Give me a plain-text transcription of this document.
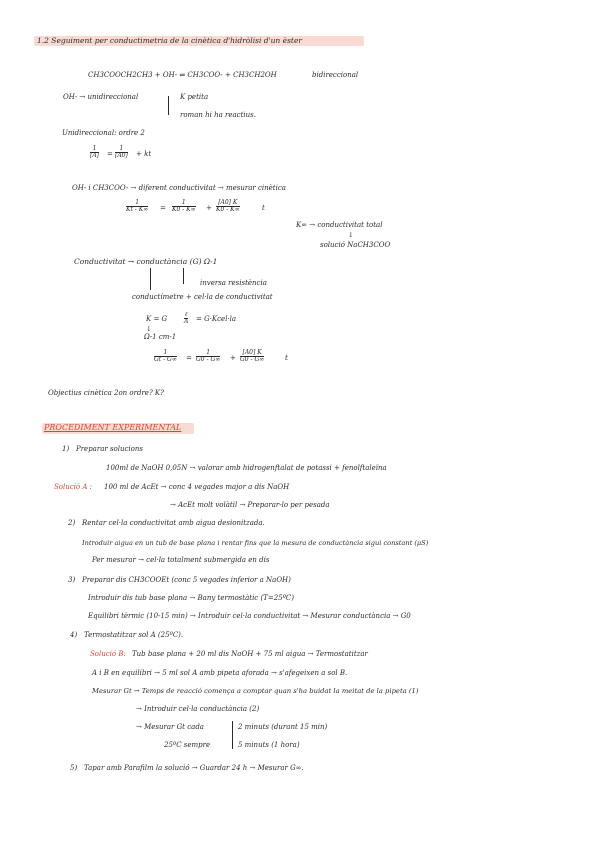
1.2 Seguiment per conductimetria de la cinètica d'hidròlisi d'un èster
CH3COOCH2CH3 + OH- ⇌ CH3COO- + CH3CH2OH	bidireccional
OH- → unidireccional	K petita
roman hi ha reactius.
Unidireccional: ordre 2
1
[A] =
1
[A0] + kt
OH- i CH3COO- → diferent conductivitat → mesurar cinètica
1
Kt - K∞ =
1
K0 - K∞ +
[A0] K
K0 - K∞	t
K∞ → conductivitat total
↓
solució NaCH3COO
Conductivitat → conductància (G) Ω-1
inversa resistència
conductímetre + cel·la de conductivitat
K = G
ℓ
A = G·Kcel·la
↓
Ω-1 cm-1
1
Gt - G∞ =
1
G0 - G∞ +
[A0] K
G0 - G∞	t
Objectius cinètica 2on ordre? K?
PROCEDIMENT EXPERIMENTAL
1) Preparar solucions
100ml de NaOH 0,05N → valorar amb hidrogenftalat de potassi + fenolftaleïna
Solució A : 100 ml de AcEt → conc 4 vegades major a dis NaOH
→ AcEt molt volàtil → Preparar-lo per pesada
2) Rentar cel·la conductivitat amb aigua desionitzada.
Introduir aigua en un tub de base plana i rentar fins que la mesura de conductància sigui constant (μS)
Per mesurar → cel·la totalment submergida en dis
3) Preparar dis CH3COOEt (conc 5 vegades inferior a NaOH)
Introduir dis tub base plana → Bany termostàtic (T=25ºC)
Equilibri tèrmic (10-15 min) → Introduir cel·la conductivitat → Mesurar conductància → G0
4) Termostatitzar sol A (25ºC).
Solució B: Tub base plana + 20 ml dis NaOH + 75 ml aigua → Termostatitzar
A i B en equilibri → 5 ml sol A amb pipeta aforada → s'afegeixen a sol B.
Mesurar Gt → Temps de reacció comença a comptar quan s'ha buidat la meitat de la pipeta (1)
→ Introduir cel·la conductància (2)
→ Mesurar Gt cada	2 minuts (durant 15 min)
25ºC sempre	5 minuts (1 hora)
5) Tapar amb Parafilm la solució → Guardar 24 h → Mesurar G∞.
